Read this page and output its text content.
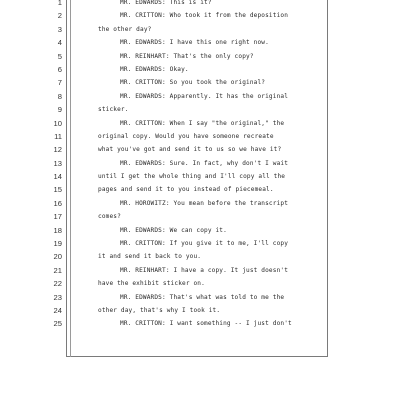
1	MR. EDWARDS: This is it?
2	MR. CRITTON: Who took it from the deposition
3	the other day?
4	MR. EDWARDS: I have this one right now.
5	MR. REINHART: That's the only copy?
6	MR. EDWARDS: Okay.
7	MR. CRITTON: So you took the original?
8	MR. EDWARDS: Apparently. It has the original
9	sticker.
10	MR. CRITTON: When I say "the original," the
11	original copy. Would you have someone recreate
12	what you've got and send it to us so we have it?
13	MR. EDWARDS: Sure. In fact, why don't I wait
14	until I get the whole thing and I'll copy all the
15	pages and send it to you instead of piecemeal.
16	MR. HOROWITZ: You mean before the transcript
17	comes?
18	MR. EDWARDS: We can copy it.
19	MR. CRITTON: If you give it to me, I'll copy
20	it and send it back to you.
21	MR. REINHART: I have a copy. It just doesn't
22	have the exhibit sticker on.
23	MR. EDWARDS: That's what was told to me the
24	other day, that's why I took it.
25	MR. CRITTON: I want something -- I just don't
